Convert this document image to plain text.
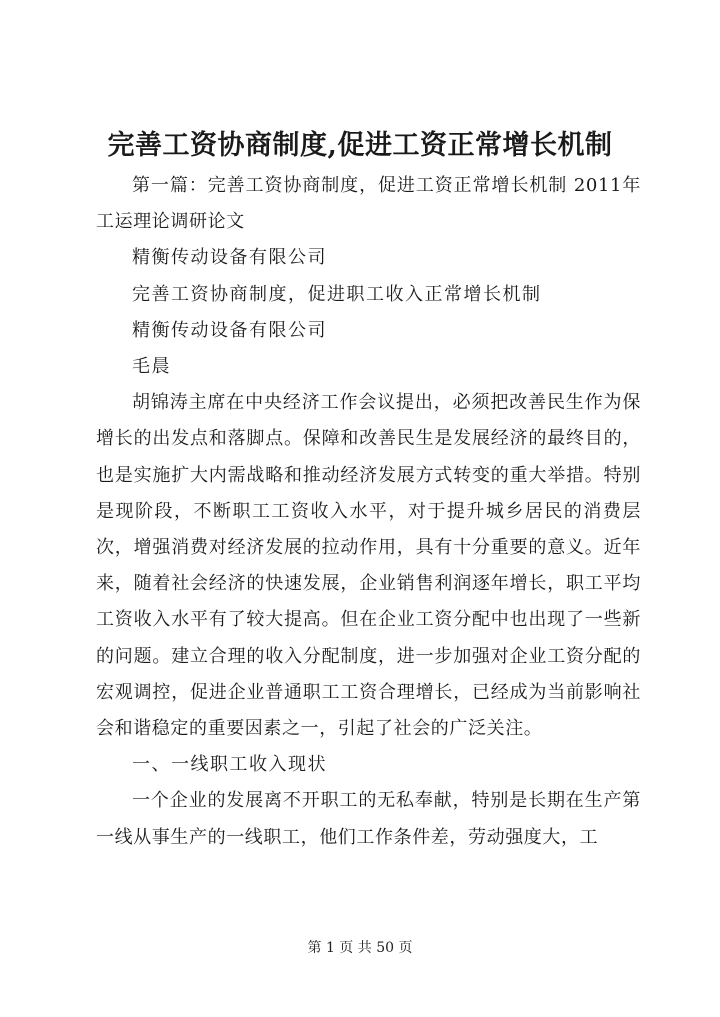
完善工资协商制度,促进工资正常增长机制

第一篇：完善工资协商制度，促进工资正常增长机制 2011年工运理论调研论文

精衡传动设备有限公司

完善工资协商制度，促进职工收入正常增长机制

精衡传动设备有限公司

毛晨

胡锦涛主席在中央经济工作会议提出，必须把改善民生作为保增长的出发点和落脚点。保障和改善民生是发展经济的最终目的，也是实施扩大内需战略和推动经济发展方式转变的重大举措。特别是现阶段，不断职工工资收入水平，对于提升城乡居民的消费层次，增强消费对经济发展的拉动作用，具有十分重要的意义。近年来，随着社会经济的快速发展，企业销售利润逐年增长，职工平均工资收入水平有了较大提高。但在企业工资分配中也出现了一些新的问题。建立合理的收入分配制度，进一步加强对企业工资分配的宏观调控，促进企业普通职工工资合理增长，已经成为当前影响社会和谐稳定的重要因素之一，引起了社会的广泛关注。

一、一线职工收入现状

一个企业的发展离不开职工的无私奉献，特别是长期在生产第一线从事生产的一线职工，他们工作条件差，劳动强度大，工

第 1 页 共 50 页
